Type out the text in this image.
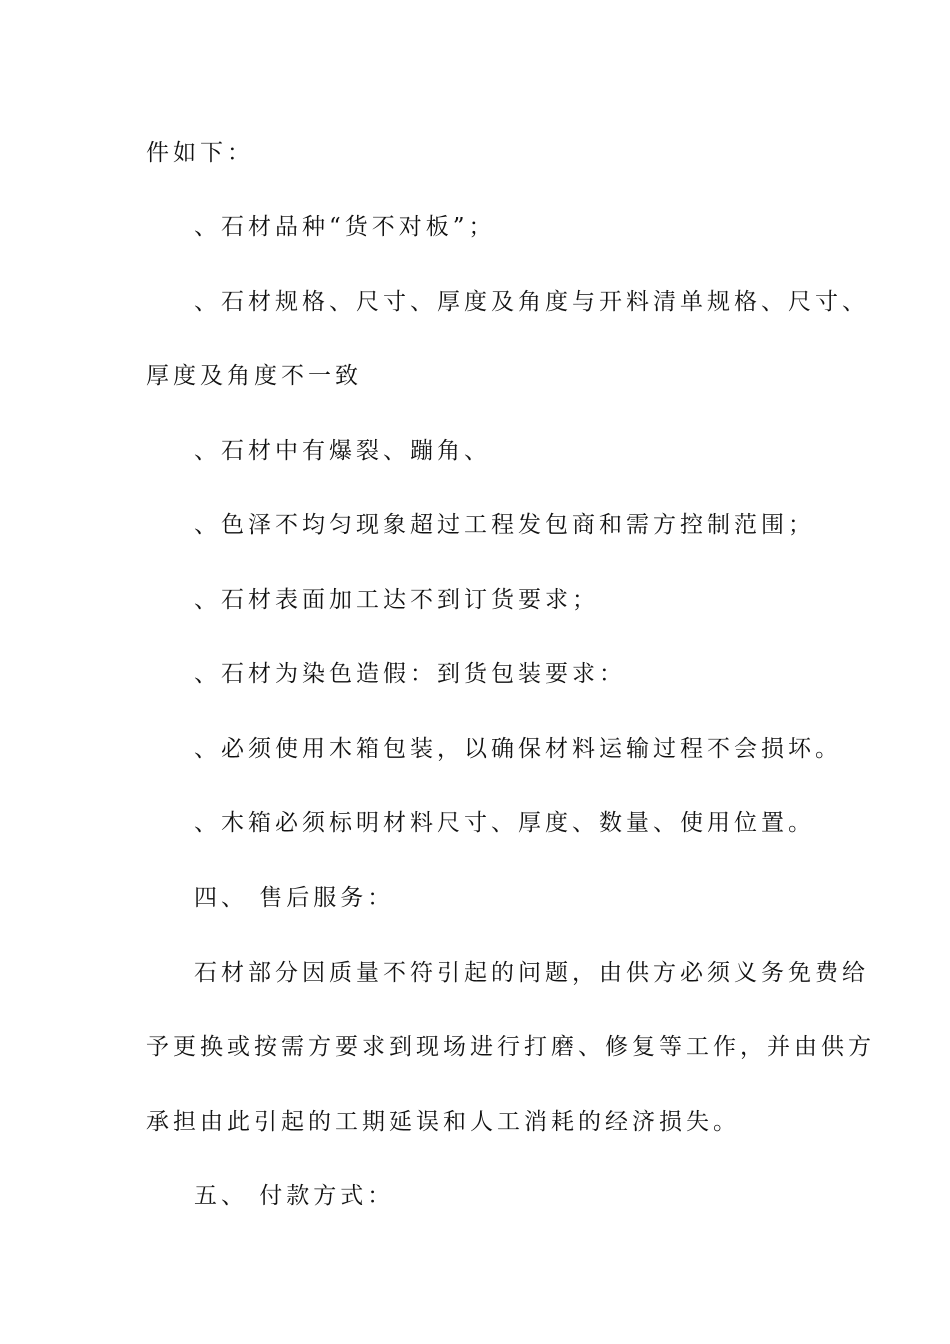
件如下：
、石材品种“货不对板”；
、石材规格、尺寸、厚度及角度与开料清单规格、尺寸、
厚度及角度不一致
、石材中有爆裂、蹦角、
、色泽不均匀现象超过工程发包商和需方控制范围；
、石材表面加工达不到订货要求；
、石材为染色造假：到货包装要求：
、必须使用木箱包装，以确保材料运输过程不会损坏。
、木箱必须标明材料尺寸、厚度、数量、使用位置。
四、 售后服务：
石材部分因质量不符引起的问题，由供方必须义务免费给
予更换或按需方要求到现场进行打磨、修复等工作，并由供方
承担由此引起的工期延误和人工消耗的经济损失。
五、 付款方式：
